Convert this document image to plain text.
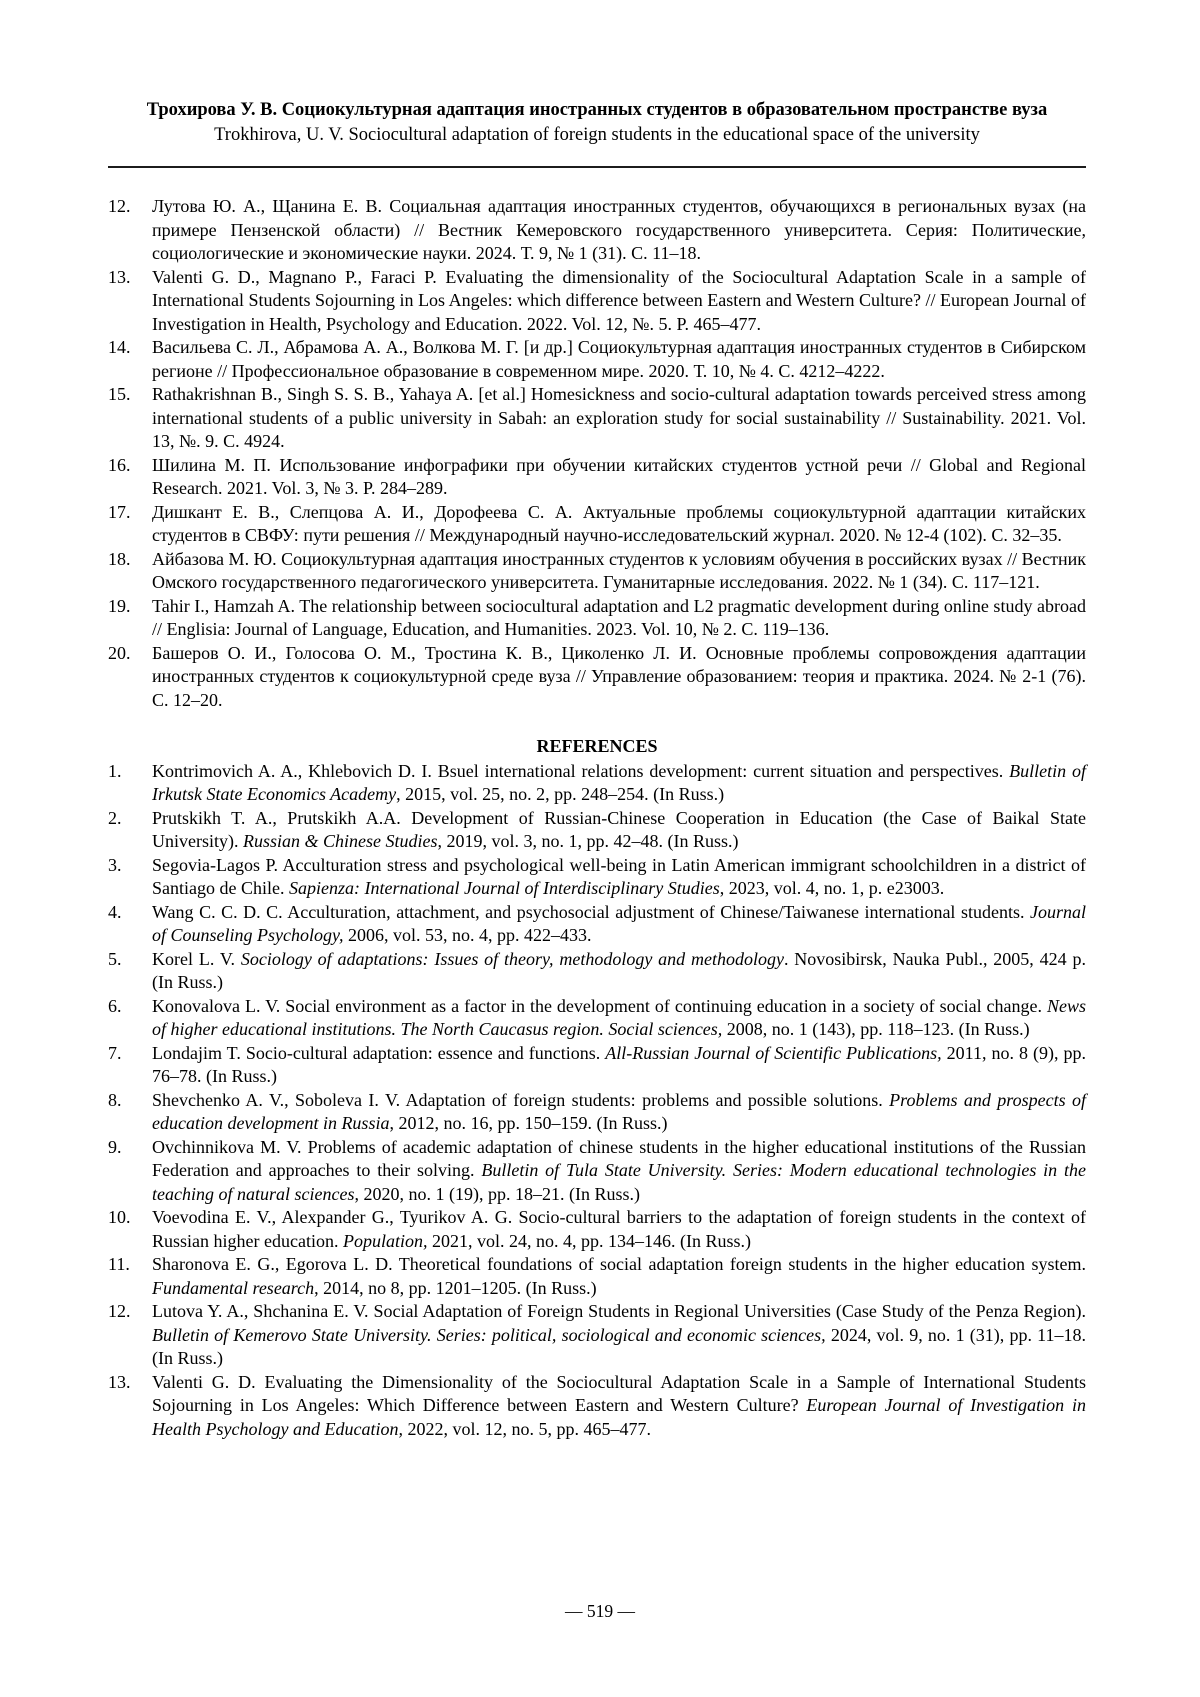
Трохирова У. В. Социокультурная адаптация иностранных студентов в образовательном пространстве вуза
Trokhirova, U. V. Sociocultural adaptation of foreign students in the educational space of the university
12.	Лутова Ю. А., Щанина Е. В. Социальная адаптация иностранных студентов, обучающихся в региональных вузах (на примере Пензенской области) // Вестник Кемеровского государственного университета. Серия: Политические, социологические и экономические науки. 2024. Т. 9, № 1 (31). С. 11–18.
13.	Valenti G. D., Magnano P., Faraci P. Evaluating the dimensionality of the Sociocultural Adaptation Scale in a sample of International Students Sojourning in Los Angeles: which difference between Eastern and Western Culture? // European Journal of Investigation in Health, Psychology and Education. 2022. Vol. 12, №. 5. P. 465–477.
14.	Васильева С. Л., Абрамова А. А., Волкова М. Г. [и др.] Социокультурная адаптация иностранных студентов в Сибирском регионе // Профессиональное образование в современном мире. 2020. Т. 10, № 4. С. 4212–4222.
15.	Rathakrishnan B., Singh S. S. B., Yahaya A. [et al.] Homesickness and socio-cultural adaptation towards perceived stress among international students of a public university in Sabah: an exploration study for social sustainability // Sustainability. 2021. Vol. 13, №. 9. С. 4924.
16.	Шилина М. П. Использование инфографики при обучении китайских студентов устной речи // Global and Regional Research. 2021. Vol. 3, № 3. P. 284–289.
17.	Дишкант Е. В., Слепцова А. И., Дорофеева С. А. Актуальные проблемы социокультурной адаптации китайских студентов в СВФУ: пути решения // Международный научно-исследовательский журнал. 2020. № 12-4 (102). С. 32–35.
18.	Айбазова М. Ю. Социокультурная адаптация иностранных студентов к условиям обучения в российских вузах // Вестник Омского государственного педагогического университета. Гуманитарные исследования. 2022. № 1 (34). С. 117–121.
19.	Tahir I., Hamzah A. The relationship between sociocultural adaptation and L2 pragmatic development during online study abroad // Englisia: Journal of Language, Education, and Humanities. 2023. Vol. 10, № 2. С. 119–136.
20.	Башеров О. И., Голосова О. М., Тростина К. В., Циколенко Л. И. Основные проблемы сопровождения адаптации иностранных студентов к социокультурной среде вуза // Управление образованием: теория и практика. 2024. № 2-1 (76). С. 12–20.
REFERENCES
1.	Kontrimovich A. A., Khlebovich D. I. Bsuel international relations development: current situation and perspectives. Bulletin of Irkutsk State Economics Academy, 2015, vol. 25, no. 2, pp. 248–254. (In Russ.)
2.	Prutskikh T. A., Prutskikh A.A. Development of Russian-Chinese Cooperation in Education (the Case of Baikal State University). Russian & Chinese Studies, 2019, vol. 3, no. 1, pp. 42–48. (In Russ.)
3.	Segovia-Lagos P. Acculturation stress and psychological well-being in Latin American immigrant schoolchildren in a district of Santiago de Chile. Sapienza: International Journal of Interdisciplinary Studies, 2023, vol. 4, no. 1, p. e23003.
4.	Wang C. C. D. C. Acculturation, attachment, and psychosocial adjustment of Chinese/Taiwanese international students. Journal of Counseling Psychology, 2006, vol. 53, no. 4, pp. 422–433.
5.	Korel L. V. Sociology of adaptations: Issues of theory, methodology and methodology. Novosibirsk, Nauka Publ., 2005, 424 p. (In Russ.)
6.	Konovalova L. V. Social environment as a factor in the development of continuing education in a society of social change. News of higher educational institutions. The North Caucasus region. Social sciences, 2008, no. 1 (143), pp. 118–123. (In Russ.)
7.	Londajim T. Socio-cultural adaptation: essence and functions. All-Russian Journal of Scientific Publications, 2011, no. 8 (9), pp. 76–78. (In Russ.)
8.	Shevchenko A. V., Soboleva I. V. Adaptation of foreign students: problems and possible solutions. Problems and prospects of education development in Russia, 2012, no. 16, pp. 150–159. (In Russ.)
9.	Ovchinnikova M. V. Problems of academic adaptation of chinese students in the higher educational institutions of the Russian Federation and approaches to their solving. Bulletin of Tula State University. Series: Modern educational technologies in the teaching of natural sciences, 2020, no. 1 (19), pp. 18–21. (In Russ.)
10.	Voevodina E. V., Alexpander G., Tyurikov A. G. Socio-cultural barriers to the adaptation of foreign students in the context of Russian higher education. Population, 2021, vol. 24, no. 4, pp. 134–146. (In Russ.)
11.	Sharonova E. G., Egorova L. D. Theoretical foundations of social adaptation foreign students in the higher education system. Fundamental research, 2014, no 8, pp. 1201–1205. (In Russ.)
12.	Lutova Y. A., Shchanina E. V. Social Adaptation of Foreign Students in Regional Universities (Case Study of the Penza Region). Bulletin of Kemerovo State University. Series: political, sociological and economic sciences, 2024, vol. 9, no. 1 (31), pp. 11–18. (In Russ.)
13.	Valenti G. D. Evaluating the Dimensionality of the Sociocultural Adaptation Scale in a Sample of International Students Sojourning in Los Angeles: Which Difference between Eastern and Western Culture? European Journal of Investigation in Health Psychology and Education, 2022, vol. 12, no. 5, pp. 465–477.
— 519 —
